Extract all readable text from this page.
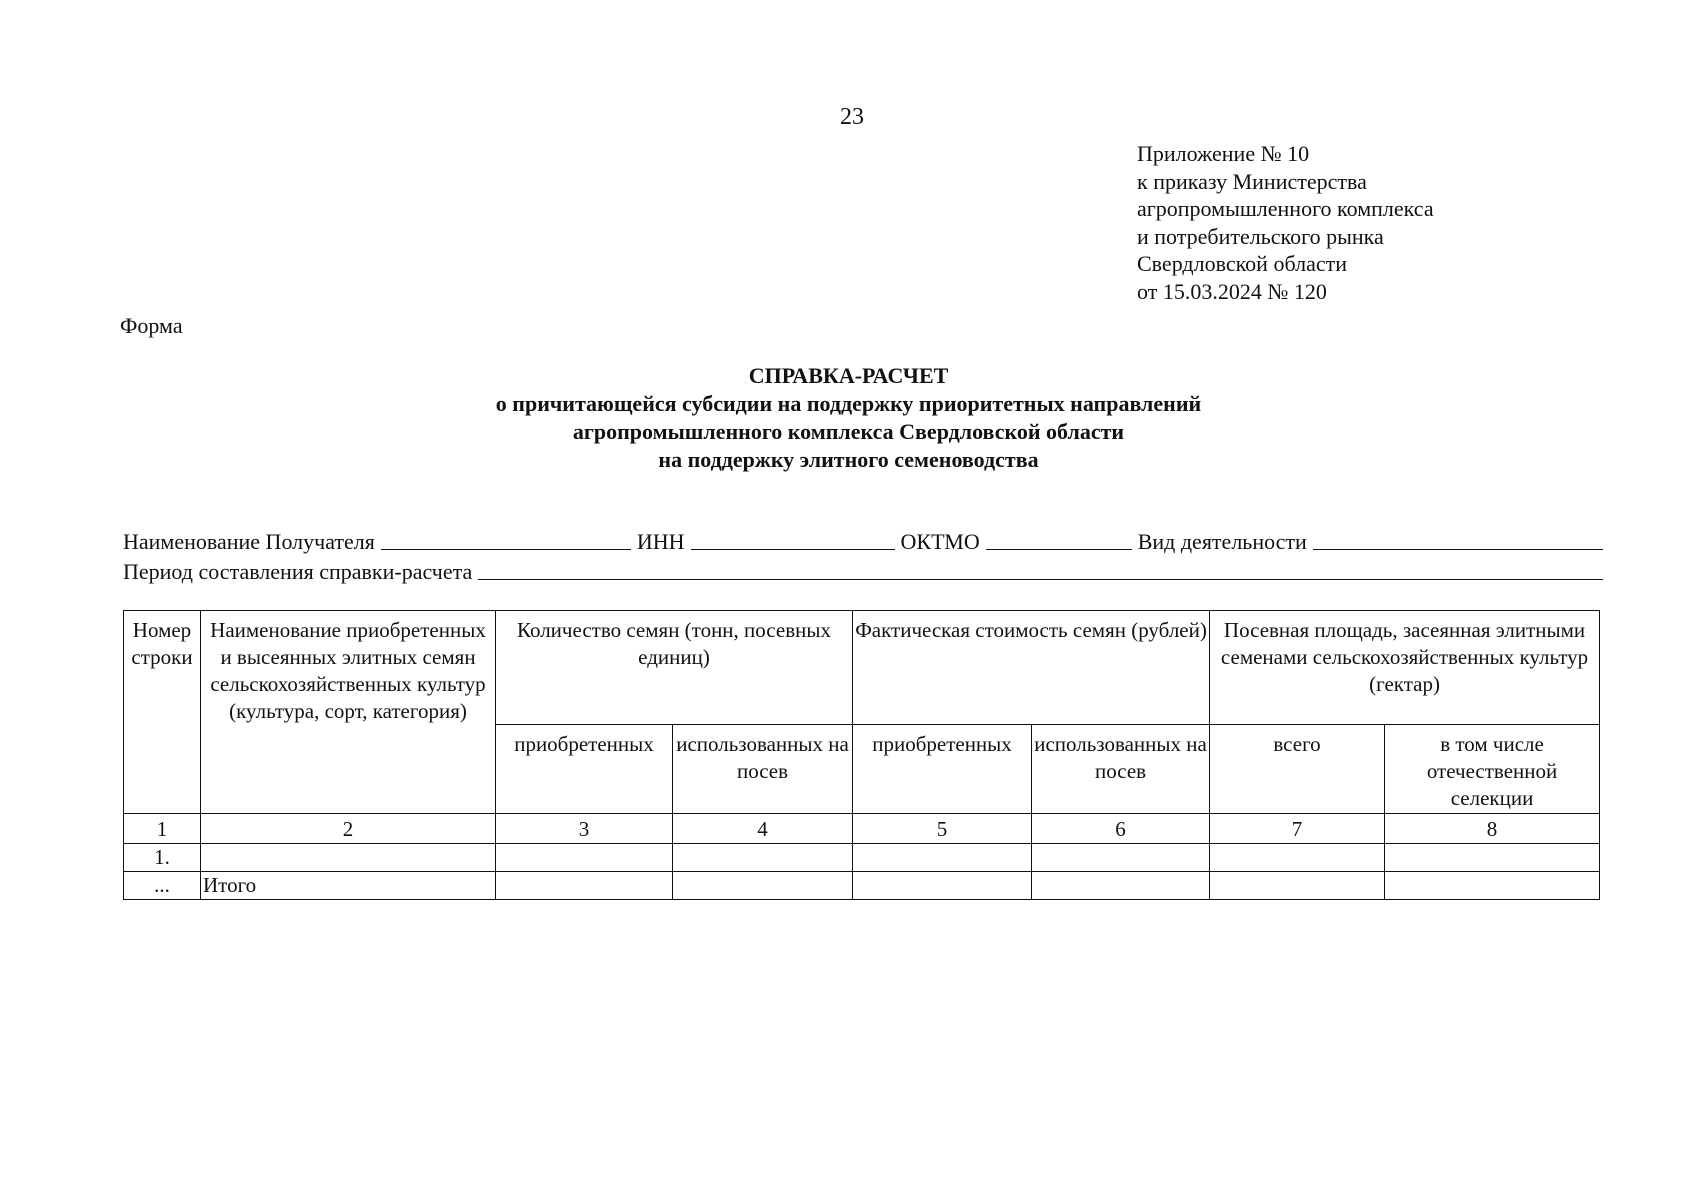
23
Приложение № 10
к приказу Министерства
агропромышленного комплекса
и потребительского рынка
Свердловской области
от 15.03.2024 № 120
Форма
СПРАВКА-РАСЧЕТ
о причитающейся субсидии на поддержку приоритетных направлений
агропромышленного комплекса Свердловской области
на поддержку элитного семеноводства
Наименование Получателя	ИНН	ОКТМО	Вид деятельности
Период составления справки-расчета
Номер строки	Наименование приобретенных и высеянных элитных семян сельскохозяйственных культур (культура, сорт, категория)	Количество семян (тонн, посевных единиц)		Фактическая стоимость семян (рублей)		Посевная площадь, засеянная элитными семенами сельскохозяйственных культур (гектар)	
		приобретенных	использованных на посев	приобретенных	использованных на посев	всего	в том числе отечественной селекции
1	2	3	4	5	6	7	8
1.							
...	Итого						
